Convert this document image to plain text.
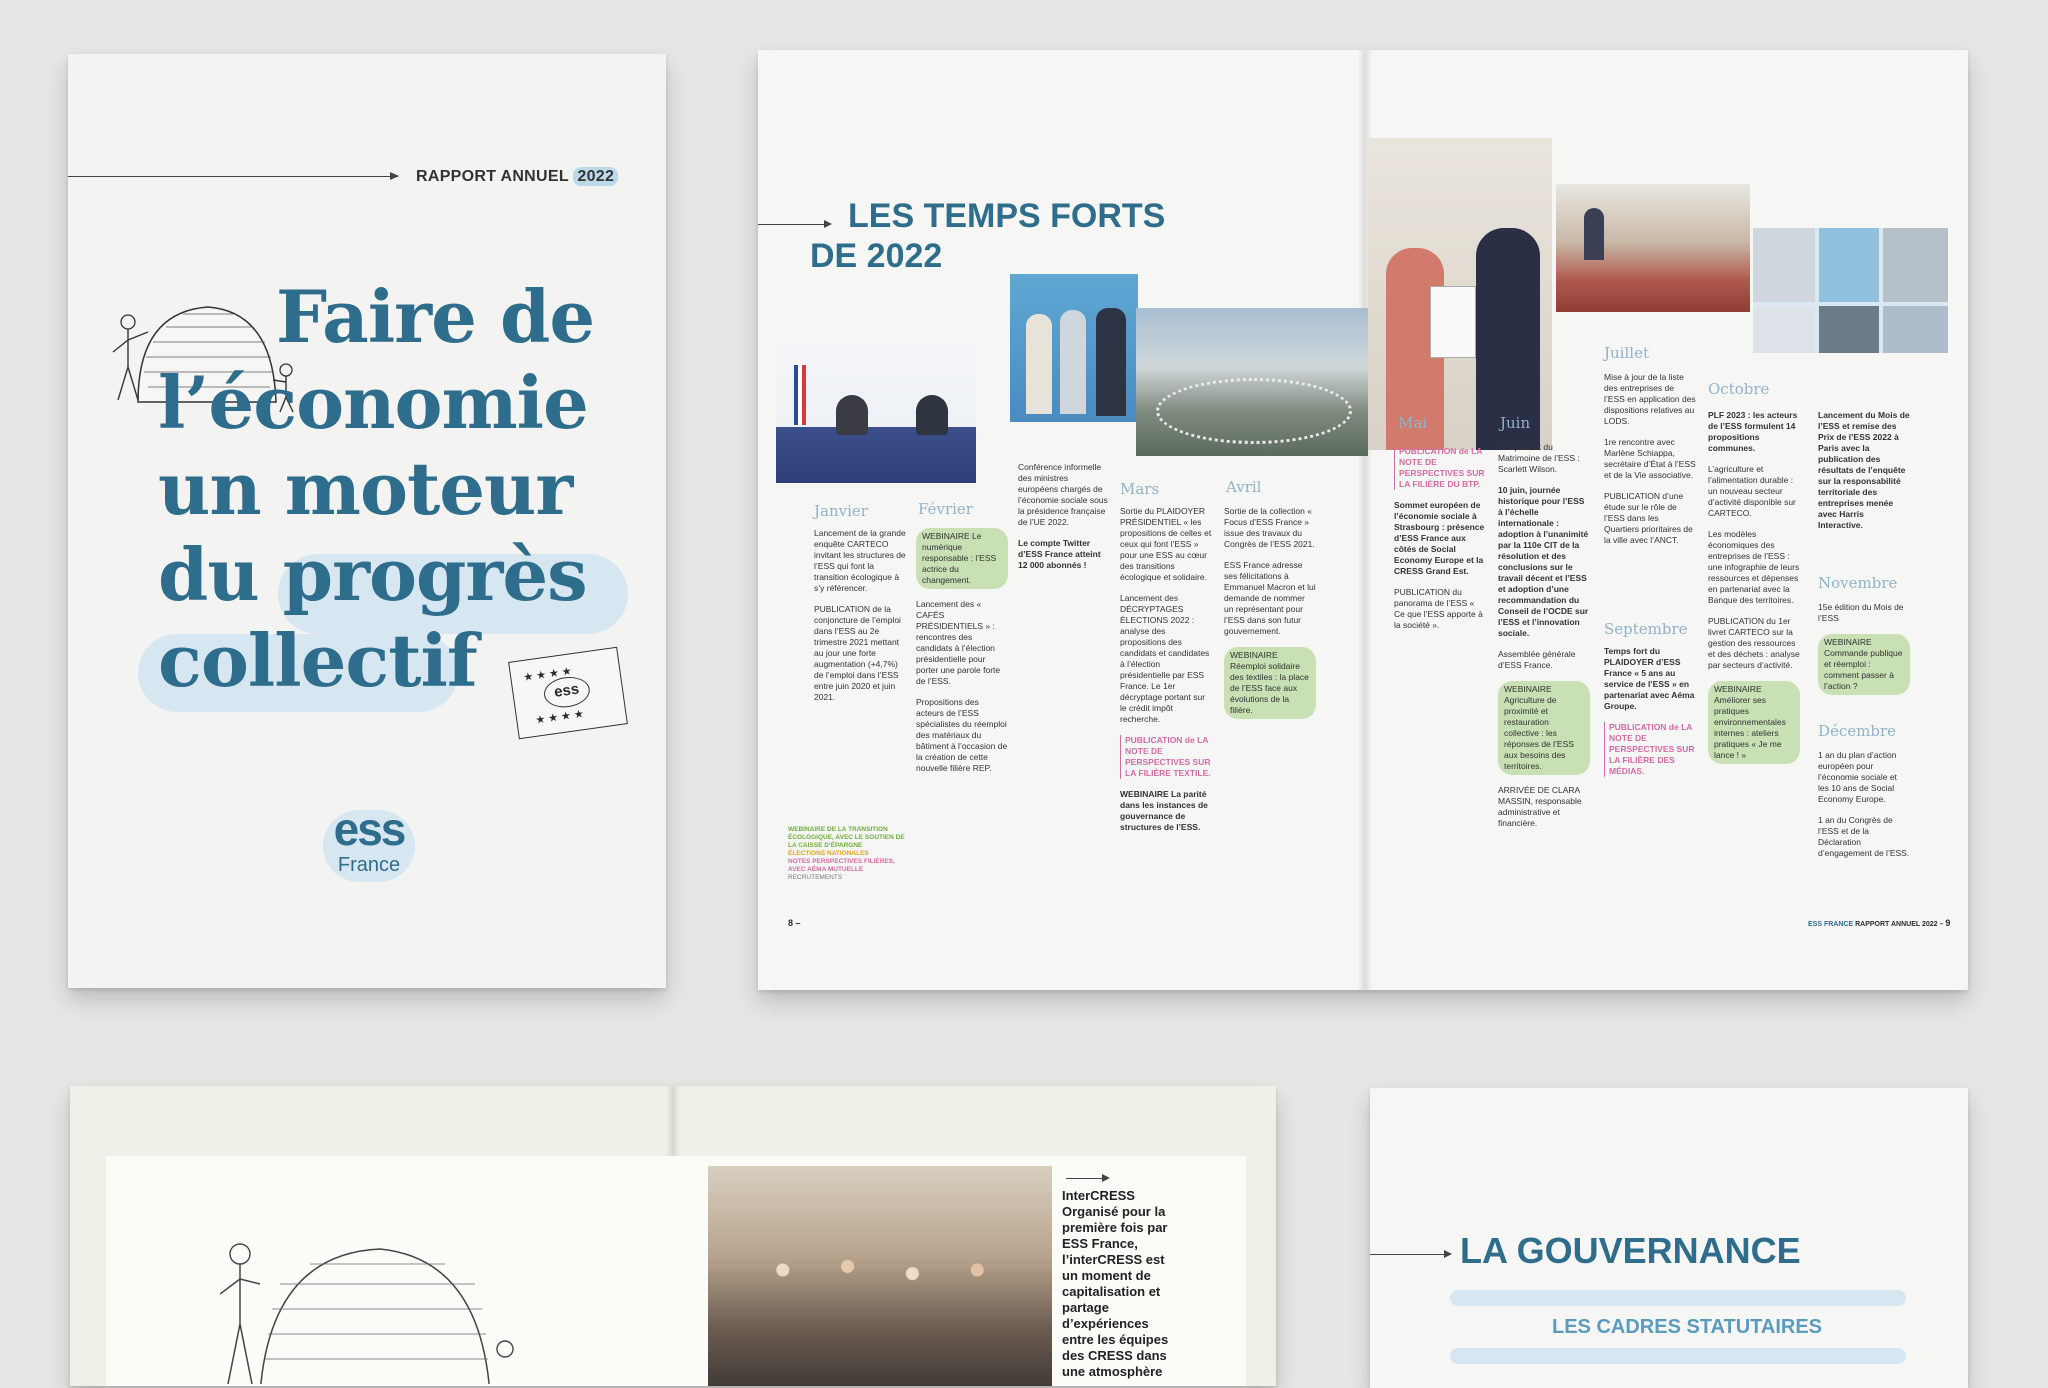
RAPPORT ANNUEL 2022
Faire de
l’économie
un moteur
du progrès
collectif	ess
★ ★ ★ ★
★ ★ ★ ★
ess
France
LES TEMPS FORTS
DE 2022
Janvier	Février
Mars	Avril
Mai	Juin
Juillet
Septembre
Octobre
Novembre
Décembre

Lancement de la grande enquête CARTECO invitant les structures de l’ESS qui font la transition écologique à s’y référencer.

PUBLICATION de la conjoncture de l’emploi dans l’ESS au 2e trimestre 2021 mettant au jour une forte augmentation (+4,7%) de l’emploi dans l’ESS entre juin 2020 et juin 2021.

WEBINAIRE Le numérique responsable : l’ESS actrice du changement.

Lancement des « CAFÉS PRÉSIDENTIELS » : rencontres des candidats à l’élection présidentielle pour porter une parole forte de l’ESS.

Propositions des acteurs de l’ESS spécialistes du réemploi des matériaux du bâtiment à l’occasion de la création de cette nouvelle filière REP.

Conférence informelle des ministres européens chargés de l’économie sociale sous la présidence française de l’UE 2022.

Le compte Twitter d’ESS France atteint 12 000 abonnés !

Sortie du PLAIDOYER PRÉSIDENTIEL « les propositions de celles et ceux qui font l’ESS » pour une ESS au cœur des transitions écologique et solidaire.

Lancement des DÉCRYPTAGES ÉLECTIONS 2022 : analyse des propositions des candidats et candidates à l’élection présidentielle par ESS France. Le 1er décryptage portant sur le crédit impôt recherche.

PUBLICATION de LA NOTE DE PERSPECTIVES SUR LA FILIÈRE TEXTILE.

WEBINAIRE La parité dans les instances de gouvernance de structures de l’ESS.

Sortie de la collection « Focus d’ESS France » issue des travaux du Congrès de l’ESS 2021.

ESS France adresse ses félicitations à Emmanuel Macron et lui demande de nommer un représentant pour l’ESS dans son futur gouvernement.

WEBINAIRE Réemploi solidaire des textiles : la place de l’ESS face aux évolutions de la filière.

PUBLICATION de LA NOTE DE PERSPECTIVES SUR LA FILIÈRE DU BTP.

Sommet européen de l’économie sociale à Strasbourg : présence d’ESS France aux côtés de Social Economy Europe et la CRESS Grand Est.

PUBLICATION du panorama de l’ESS « Ce que l’ESS apporte à la société ».

10e portrait du Matrimoine de l’ESS : Scarlett Wilson.

10 juin, journée historique pour l’ESS à l’échelle internationale : adoption à l’unanimité par la 110e CIT de la résolution et des conclusions sur le travail décent et l’ESS et adoption d’une recommandation du Conseil de l’OCDE sur l’ESS et l’innovation sociale.

Assemblée générale d’ESS France.

WEBINAIRE Agriculture de proximité et restauration collective : les réponses de l’ESS aux besoins des territoires.

ARRIVÉE DE CLARA MASSIN, responsable administrative et financière.

Mise à jour de la liste des entreprises de l’ESS en application des dispositions relatives au LODS.

1re rencontre avec Marlène Schiappa, secrétaire d’État à l’ESS et de la Vie associative.

PUBLICATION d’une étude sur le rôle de l’ESS dans les Quartiers prioritaires de la ville avec l’ANCT.

Temps fort du PLAIDOYER d’ESS France « 5 ans au service de l’ESS » en partenariat avec Aéma Groupe.

PUBLICATION de LA NOTE DE PERSPECTIVES SUR LA FILIÈRE DES MÉDIAS.

PLF 2023 : les acteurs de l’ESS formulent 14 propositions communes.

L’agriculture et l’alimentation durable : un nouveau secteur d’activité disponible sur CARTECO.

Les modèles économiques des entreprises de l’ESS : une infographie de leurs ressources et dépenses en partenariat avec la Banque des territoires.

PUBLICATION du 1er livret CARTECO sur la gestion des ressources et des déchets : analyse par secteurs d’activité.

WEBINAIRE Améliorer ses pratiques environnementales internes : ateliers pratiques « Je me lance ! »

Lancement du Mois de l’ESS et remise des Prix de l’ESS 2022 à Paris avec la publication des résultats de l’enquête sur la responsabilité territoriale des entreprises menée avec Harris Interactive.

15e édition du Mois de l’ESS

WEBINAIRE Commande publique et réemploi : comment passer à l’action ?

1 an du plan d’action européen pour l’économie sociale et les 10 ans de Social Economy Europe.

1 an du Congrès de l’ESS et de la Déclaration d’engagement de l’ESS.

WEBINAIRE DE LA TRANSITION ÉCOLOGIQUE, AVEC LE SOUTIEN DE LA CAISSE D’ÉPARGNE
ÉLECTIONS NATIONALES
NOTES PERSPECTIVES FILIÈRES, AVEC AÉMA MUTUELLE
RECRUTEMENTS
8 –	ESS FRANCE RAPPORT ANNUEL 2022 – 9
InterCRESS
Organisé pour la première fois par ESS France, l’interCRESS est un moment de capitalisation et partage d’expériences entre les équipes des CRESS dans une atmosphère
LA GOUVERNANCE
LES CADRES STATUTAIRES
